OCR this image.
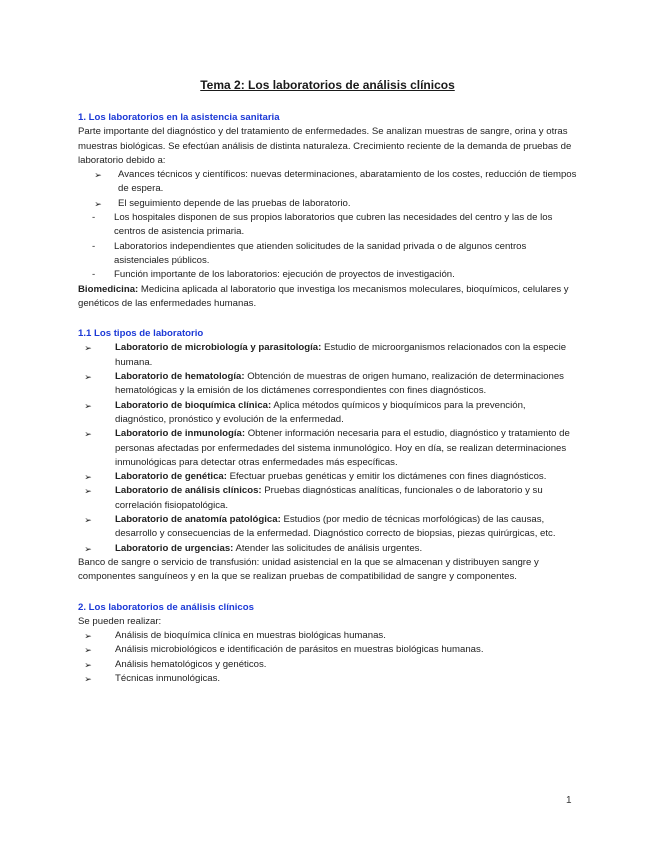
Tema 2: Los laboratorios de análisis clínicos

1. Los laboratorios en la asistencia sanitaria

Parte importante del diagnóstico y del tratamiento de enfermedades. Se analizan muestras de sangre, orina y otras muestras biológicas. Se efectúan análisis de distinta naturaleza. Crecimiento reciente de la demanda de pruebas de laboratorio debido a:

➢	Avances técnicos y científicos: nuevas determinaciones, abaratamiento de los costes, reducción de tiempos de espera.
➢	El seguimiento depende de las pruebas de laboratorio.
- Los hospitales disponen de sus propios laboratorios que cubren las necesidades del centro y las de los centros de asistencia primaria.
- Laboratorios independientes que atienden solicitudes de la sanidad privada o de algunos centros asistenciales públicos.
- Función importante de los laboratorios: ejecución de proyectos de investigación.

Biomedicina: Medicina aplicada al laboratorio que investiga los mecanismos moleculares, bioquímicos, celulares y genéticos de las enfermedades humanas.

1.1 Los tipos de laboratorio

➢	Laboratorio de microbiología y parasitología: Estudio de microorganismos relacionados con la especie humana.
➢	Laboratorio de hematología: Obtención de muestras de origen humano, realización de determinaciones hematológicas y la emisión de los dictámenes correspondientes con fines diagnósticos.
➢	Laboratorio de bioquímica clínica: Aplica métodos químicos y bioquímicos para la prevención, diagnóstico, pronóstico y evolución de la enfermedad.
➢	Laboratorio de inmunología: Obtener información necesaria para el estudio, diagnóstico y tratamiento de personas afectadas por enfermedades del sistema inmunológico. Hoy en día, se realizan determinaciones inmunológicas para detectar otras enfermedades más específicas.
➢	Laboratorio de genética: Efectuar pruebas genéticas y emitir los dictámenes con fines diagnósticos.
➢	Laboratorio de análisis clínicos: Pruebas diagnósticas analíticas, funcionales o de laboratorio y su correlación fisiopatológica.
➢	Laboratorio de anatomía patológica: Estudios (por medio de técnicas morfológicas) de las causas, desarrollo y consecuencias de la enfermedad. Diagnóstico correcto de biopsias, piezas quirúrgicas, etc.
➢	Laboratorio de urgencias: Atender las solicitudes de análisis urgentes.

Banco de sangre o servicio de transfusión: unidad asistencial en la que se almacenan y distribuyen sangre y componentes sanguíneos y en la que se realizan pruebas de compatibilidad de sangre y componentes.

2. Los laboratorios de análisis clínicos

Se pueden realizar:

➢	Análisis de bioquímica clínica en muestras biológicas humanas.
➢	Análisis microbiológicos e identificación de parásitos en muestras biológicas humanas.
➢	Análisis hematológicos y genéticos.
➢	Técnicas inmunológicas.
1
